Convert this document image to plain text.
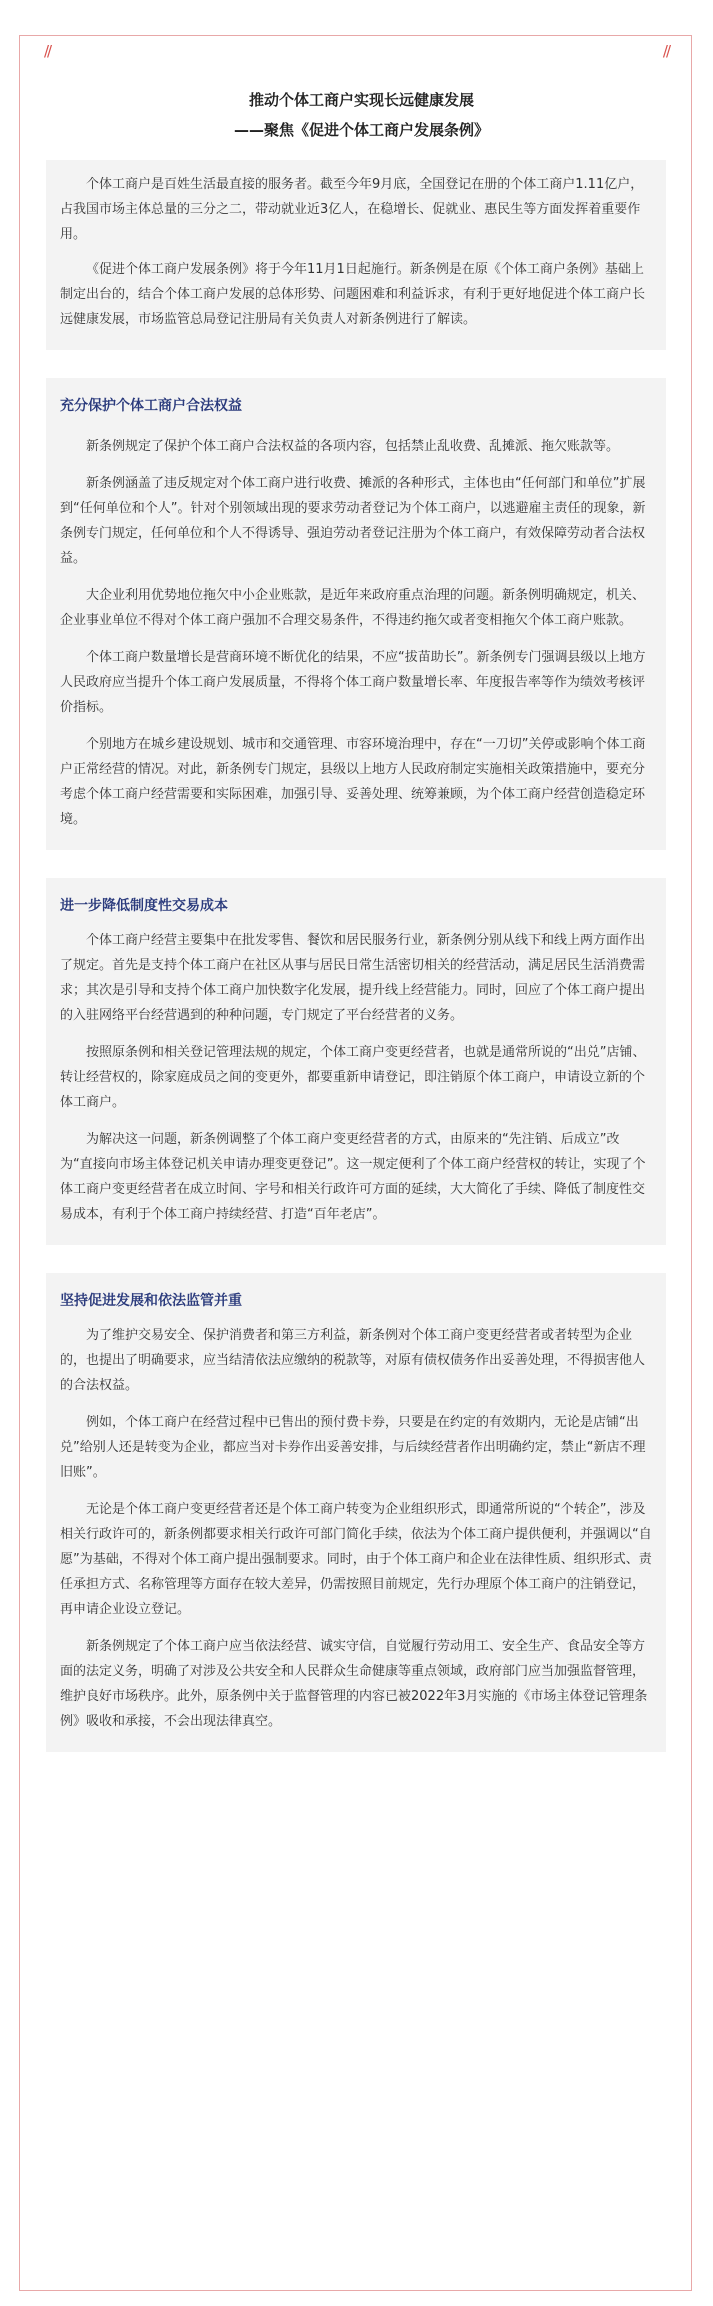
//	//
推动个体工商户实现长远健康发展
——聚焦《促进个体工商户发展条例》

个体工商户是百姓生活最直接的服务者。截至今年9月底，全国登记在册的个体工商户1.11亿户，占我国市场主体总量的三分之二，带动就业近3亿人，在稳增长、促就业、惠民生等方面发挥着重要作用。

《促进个体工商户发展条例》将于今年11月1日起施行。新条例是在原《个体工商户条例》基础上制定出台的，结合个体工商户发展的总体形势、问题困难和利益诉求，有利于更好地促进个体工商户长远健康发展，市场监管总局登记注册局有关负责人对新条例进行了解读。

充分保护个体工商户合法权益

新条例规定了保护个体工商户合法权益的各项内容，包括禁止乱收费、乱摊派、拖欠账款等。

新条例涵盖了违反规定对个体工商户进行收费、摊派的各种形式，主体也由“任何部门和单位”扩展到“任何单位和个人”。针对个别领域出现的要求劳动者登记为个体工商户，以逃避雇主责任的现象，新条例专门规定，任何单位和个人不得诱导、强迫劳动者登记注册为个体工商户，有效保障劳动者合法权益。

大企业利用优势地位拖欠中小企业账款，是近年来政府重点治理的问题。新条例明确规定，机关、企业事业单位不得对个体工商户强加不合理交易条件，不得违约拖欠或者变相拖欠个体工商户账款。

个体工商户数量增长是营商环境不断优化的结果，不应“拔苗助长”。新条例专门强调县级以上地方人民政府应当提升个体工商户发展质量，不得将个体工商户数量增长率、年度报告率等作为绩效考核评价指标。

个别地方在城乡建设规划、城市和交通管理、市容环境治理中，存在“一刀切”关停或影响个体工商户正常经营的情况。对此，新条例专门规定，县级以上地方人民政府制定实施相关政策措施中，要充分考虑个体工商户经营需要和实际困难，加强引导、妥善处理、统筹兼顾，为个体工商户经营创造稳定环境。

进一步降低制度性交易成本

个体工商户经营主要集中在批发零售、餐饮和居民服务行业，新条例分别从线下和线上两方面作出了规定。首先是支持个体工商户在社区从事与居民日常生活密切相关的经营活动，满足居民生活消费需求；其次是引导和支持个体工商户加快数字化发展，提升线上经营能力。同时，回应了个体工商户提出的入驻网络平台经营遇到的种种问题，专门规定了平台经营者的义务。

按照原条例和相关登记管理法规的规定，个体工商户变更经营者，也就是通常所说的“出兑”店铺、转让经营权的，除家庭成员之间的变更外，都要重新申请登记，即注销原个体工商户，申请设立新的个体工商户。

为解决这一问题，新条例调整了个体工商户变更经营者的方式，由原来的“先注销、后成立”改为“直接向市场主体登记机关申请办理变更登记”。这一规定便利了个体工商户经营权的转让，实现了个体工商户变更经营者在成立时间、字号和相关行政许可方面的延续，大大简化了手续、降低了制度性交易成本，有利于个体工商户持续经营、打造“百年老店”。

坚持促进发展和依法监管并重

为了维护交易安全、保护消费者和第三方利益，新条例对个体工商户变更经营者或者转型为企业的，也提出了明确要求，应当结清依法应缴纳的税款等，对原有债权债务作出妥善处理，不得损害他人的合法权益。

例如，个体工商户在经营过程中已售出的预付费卡券，只要是在约定的有效期内，无论是店铺“出兑”给别人还是转变为企业，都应当对卡券作出妥善安排，与后续经营者作出明确约定，禁止“新店不理旧账”。

无论是个体工商户变更经营者还是个体工商户转变为企业组织形式，即通常所说的“个转企”，涉及相关行政许可的，新条例都要求相关行政许可部门简化手续，依法为个体工商户提供便利，并强调以“自愿”为基础，不得对个体工商户提出强制要求。同时，由于个体工商户和企业在法律性质、组织形式、责任承担方式、名称管理等方面存在较大差异，仍需按照目前规定，先行办理原个体工商户的注销登记，再申请企业设立登记。

新条例规定了个体工商户应当依法经营、诚实守信，自觉履行劳动用工、安全生产、食品安全等方面的法定义务，明确了对涉及公共安全和人民群众生命健康等重点领域，政府部门应当加强监督管理，维护良好市场秩序。此外，原条例中关于监督管理的内容已被2022年3月实施的《市场主体登记管理条例》吸收和承接，不会出现法律真空。
